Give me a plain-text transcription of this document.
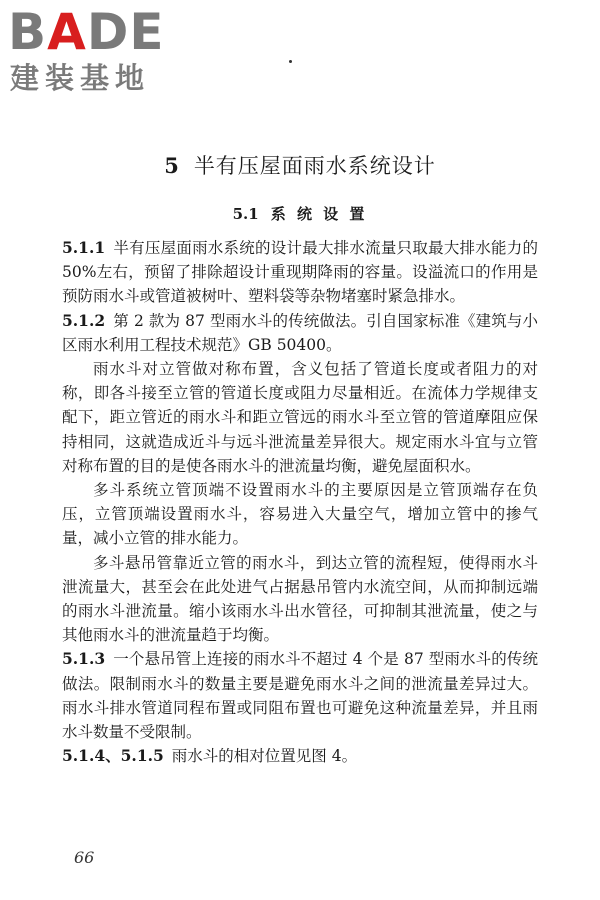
BADE
建装基地
5 半有压屋面雨水系统设计
5.1 系 统 设 置

5.1.1 半有压屋面雨水系统的设计最大排水流量只取最大排水能力的 50%左右，预留了排除超设计重现期降雨的容量。设溢流口的作用是预防雨水斗或管道被树叶、塑料袋等杂物堵塞时紧急排水。

5.1.2 第 2 款为 87 型雨水斗的传统做法。引自国家标准《建筑与小区雨水利用工程技术规范》GB 50400。

雨水斗对立管做对称布置，含义包括了管道长度或者阻力的对称，即各斗接至立管的管道长度或阻力尽量相近。在流体力学规律支配下，距立管近的雨水斗和距立管远的雨水斗至立管的管道摩阻应保持相同，这就造成近斗与远斗泄流量差异很大。规定雨水斗宜与立管对称布置的目的是使各雨水斗的泄流量均衡，避免屋面积水。

多斗系统立管顶端不设置雨水斗的主要原因是立管顶端存在负压，立管顶端设置雨水斗，容易进入大量空气，增加立管中的掺气量，减小立管的排水能力。

多斗悬吊管靠近立管的雨水斗，到达立管的流程短，使得雨水斗泄流量大，甚至会在此处进气占据悬吊管内水流空间，从而抑制远端的雨水斗泄流量。缩小该雨水斗出水管径，可抑制其泄流量，使之与其他雨水斗的泄流量趋于均衡。

5.1.3 一个悬吊管上连接的雨水斗不超过 4 个是 87 型雨水斗的传统做法。限制雨水斗的数量主要是避免雨水斗之间的泄流量差异过大。雨水斗排水管道同程布置或同阻布置也可避免这种流量差异，并且雨水斗数量不受限制。

5.1.4、5.1.5 雨水斗的相对位置见图 4。

66
